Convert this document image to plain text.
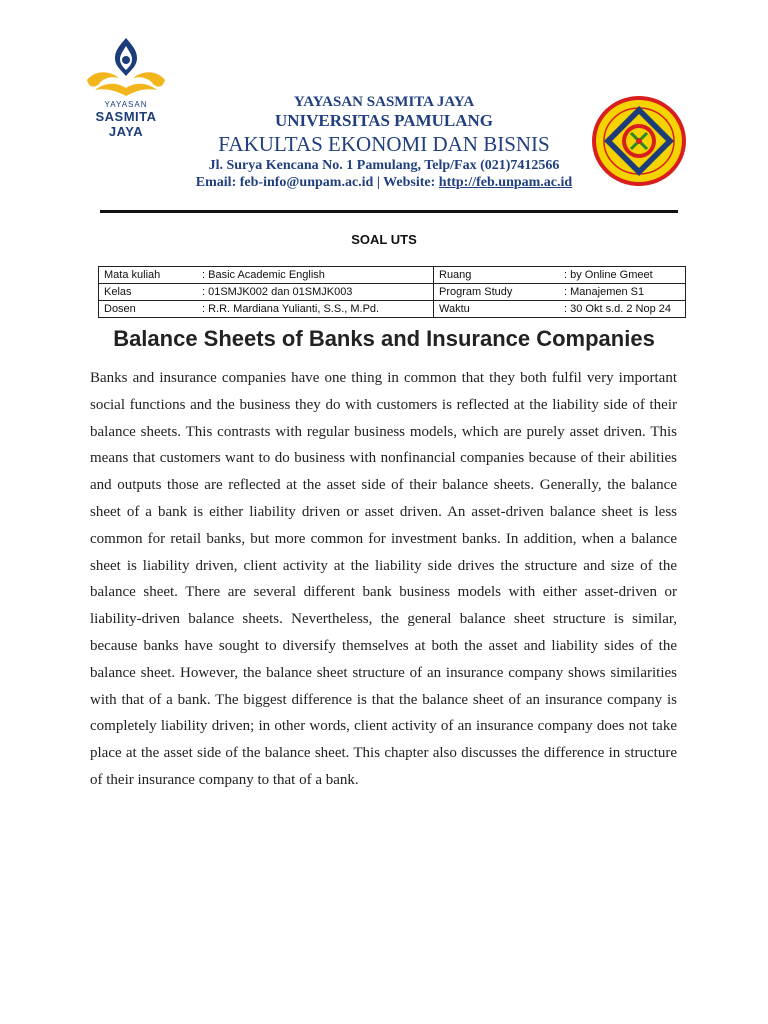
YAYASAN
SASMITA JAYA
YAYASAN SASMITA JAYA
UNIVERSITAS PAMULANG
FAKULTAS EKONOMI DAN BISNIS
Jl. Surya Kencana No. 1 Pamulang, Telp/Fax (021)7412566
Email: feb-info@unpam.ac.id | Website: http://feb.unpam.ac.id
SOAL UTS
Mata kuliah	: Basic Academic English	Ruang	: by Online Gmeet
Kelas	: 01SMJK002 dan 01SMJK003	Program Study	: Manajemen S1
Dosen	: R.R. Mardiana Yulianti, S.S., M.Pd.	Waktu	: 30 Okt s.d. 2 Nop 24
Balance Sheets of Banks and Insurance Companies
Banks and insurance companies have one thing in common that they both fulfil very important social functions and the business they do with customers is reflected at the liability side of their balance sheets. This contrasts with regular business models, which are purely asset driven. This means that customers want to do business with nonfinancial companies because of their abilities and outputs those are reflected at the asset side of their balance sheets. Generally, the balance sheet of a bank is either liability driven or asset driven. An asset-driven balance sheet is less common for retail banks, but more common for investment banks. In addition, when a balance sheet is liability driven, client activity at the liability side drives the structure and size of the balance sheet. There are several different bank business models with either asset-driven or liability-driven balance sheets. Nevertheless, the general balance sheet structure is similar, because banks have sought to diversify themselves at both the asset and liability sides of the balance sheet. However, the balance sheet structure of an insurance company shows similarities with that of a bank. The biggest difference is that the balance sheet of an insurance company is completely liability driven; in other words, client activity of an insurance company does not take place at the asset side of the balance sheet. This chapter also discusses the difference in structure of their insurance company to that of a bank.
